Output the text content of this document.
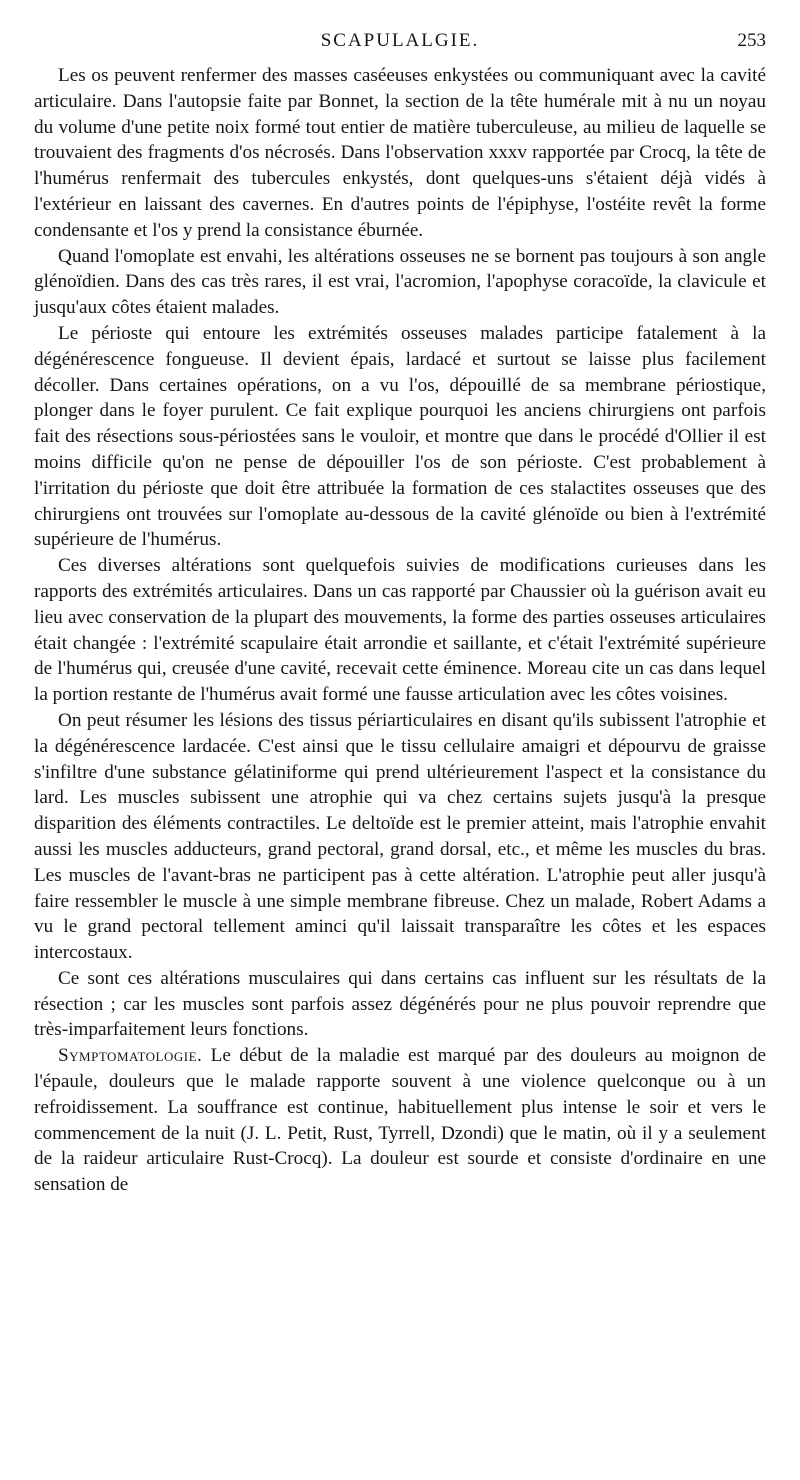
SCAPULALGIE.	253

Les os peuvent renfermer des masses caséeuses enkystées ou communiquant avec la cavité articulaire. Dans l'autopsie faite par Bonnet, la section de la tête humérale mit à nu un noyau du volume d'une petite noix formé tout entier de matière tuberculeuse, au milieu de laquelle se trouvaient des fragments d'os nécrosés. Dans l'observation xxxv rapportée par Crocq, la tête de l'humérus renfermait des tubercules enkystés, dont quelques-uns s'étaient déjà vidés à l'extérieur en laissant des cavernes. En d'autres points de l'épiphyse, l'ostéite revêt la forme condensante et l'os y prend la consistance éburnée.

Quand l'omoplate est envahi, les altérations osseuses ne se bornent pas toujours à son angle glénoïdien. Dans des cas très rares, il est vrai, l'acromion, l'apophyse coracoïde, la clavicule et jusqu'aux côtes étaient malades.

Le périoste qui entoure les extrémités osseuses malades participe fatalement à la dégénérescence fongueuse. Il devient épais, lardacé et surtout se laisse plus facilement décoller. Dans certaines opérations, on a vu l'os, dépouillé de sa membrane périostique, plonger dans le foyer purulent. Ce fait explique pourquoi les anciens chirurgiens ont parfois fait des résections sous-périostées sans le vouloir, et montre que dans le procédé d'Ollier il est moins difficile qu'on ne pense de dépouiller l'os de son périoste. C'est probablement à l'irritation du périoste que doit être attribuée la formation de ces stalactites osseuses que des chirurgiens ont trouvées sur l'omoplate au-dessous de la cavité glénoïde ou bien à l'extrémité supérieure de l'humérus.

Ces diverses altérations sont quelquefois suivies de modifications curieuses dans les rapports des extrémités articulaires. Dans un cas rapporté par Chaussier où la guérison avait eu lieu avec conservation de la plupart des mouvements, la forme des parties osseuses articulaires était changée : l'extrémité scapulaire était arrondie et saillante, et c'était l'extrémité supérieure de l'humérus qui, creusée d'une cavité, recevait cette éminence. Moreau cite un cas dans lequel la portion restante de l'humérus avait formé une fausse articulation avec les côtes voisines.

On peut résumer les lésions des tissus périarticulaires en disant qu'ils subissent l'atrophie et la dégénérescence lardacée. C'est ainsi que le tissu cellulaire amaigri et dépourvu de graisse s'infiltre d'une substance gélatiniforme qui prend ultérieurement l'aspect et la consistance du lard. Les muscles subissent une atrophie qui va chez certains sujets jusqu'à la presque disparition des éléments contractiles. Le deltoïde est le premier atteint, mais l'atrophie envahit aussi les muscles adducteurs, grand pectoral, grand dorsal, etc., et même les muscles du bras. Les muscles de l'avant-bras ne participent pas à cette altération. L'atrophie peut aller jusqu'à faire ressembler le muscle à une simple membrane fibreuse. Chez un malade, Robert Adams a vu le grand pectoral tellement aminci qu'il laissait transparaître les côtes et les espaces intercostaux.

Ce sont ces altérations musculaires qui dans certains cas influent sur les résultats de la résection ; car les muscles sont parfois assez dégénérés pour ne plus pouvoir reprendre que très-imparfaitement leurs fonctions.

Symptomatologie. Le début de la maladie est marqué par des douleurs au moignon de l'épaule, douleurs que le malade rapporte souvent à une violence quelconque ou à un refroidissement. La souffrance est continue, habituellement plus intense le soir et vers le commencement de la nuit (J. L. Petit, Rust, Tyrrell, Dzondi) que le matin, où il y a seulement de la raideur articulaire Rust-Crocq). La douleur est sourde et consiste d'ordinaire en une sensation de
